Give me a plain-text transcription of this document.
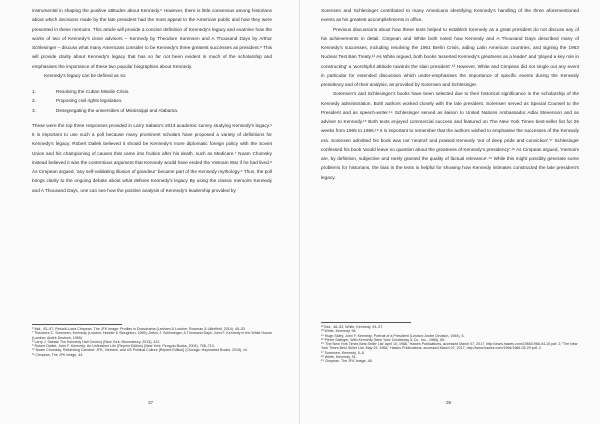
instrumental in shaping the positive attitudes about Kennedy.⁶ However, there is little consensus among historians about which decisions made by the late president had the most appeal to the American public and how they were presented in these memoirs. This article will provide a concise definition of Kennedy's legacy and examine how the works of two of Kennedy's close advisors – Kennedy by Theodore Sorensen and A Thousand Days by Arthur Schlesinger – discuss what many Americans consider to be Kennedy's three greatest successes as president.⁸ This will provide clarity about Kennedy's legacy that has so far not been evident in much of the scholarship and emphasises the importance of these two popular biographies about Kennedy.

Kennedy's legacy can be defined as so:

1.	Resolving the Cuban Missile Crisis.
2.	Proposing civil rights legislation.
3.	Desegregating the universities of Mississippi and Alabama.

These were the top three responses provided in Larry Sabato's 2013 academic survey studying Kennedy's legacy.⁹ It is important to use such a poll because many prominent scholars have proposed a variety of definitions for Kennedy's legacy. Robert Dallek believed it should be Kennedy's more diplomatic foreign policy with the Soviet Union and his championing of causes that came into fruition after his death, such as Medicare.⁷ Noam Chomsky instead believed it was the contentious argument that Kennedy would have ended the Vietnam War if he had lived.⁸ As Cimpean argued, 'any self-validating illusion of grandeur' became part of the Kennedy mythology.⁹ Thus, the poll brings clarity to the ongoing debate about what defines Kennedy's legacy By using the classic memoirs Kennedy and A Thousand Days, one can see how the positive analysis of Kennedy's leadership provided by

⁶ Ibid., 93–97; Relucă-Lucia Cimpean, The JFK Image: Profiles in Docudrama (Lanham & London: Rowman & Littlefield, 2014), 49–53.
⁷ Theodore C. Sorensen, Kennedy (London: Hodder & Stoughton, 1965); Arthur J. Schlesinger, A Thousand Days: John F. Kennedy in the White House (London: André Deutsch, 1965).
⁸ Larry J. Sabato The Kennedy Half Century (New York: Bloomsbury, 2013), 412.
⁹ Robert Dallek, John F. Kennedy: An Unfinished Life (Reprint Edition) (New York: Penguin Books, 2004), 708–710.
¹⁰ Noam Chomsky, Rethinking Camelot: JFK, Vietnam, and US Political Culture [Reprint Edition] (Chicago: Haymarket Books, 2015), vii.
¹¹ Cimpean, The JFK Image, 43.
37

Sorensen and Schlesinger contributed to many Americans identifying Kennedy's handling of the three aforementioned events as his greatest accomplishments in office.

Previous discussions about how these texts helped to establish Kennedy as a great president do not discuss any of his achievements in detail. Cimpean and White both noted how Kennedy and A Thousand Days described many of Kennedy's successes, including resolving the 1961 Berlin Crisis, aiding Latin American countries, and signing the 1963 Nuclear Test Ban Treaty.¹² As White argued, both books 'asserted Kennedy's greatness as a leader' and 'played a key role in constructing' a 'worshipful attitude towards the slain president'.¹³ However, White and Cimpean did not single out any event in particular for extended discussion which under-emphasises the importance of specific events during the Kennedy presidency and of their analysis, as provided by Sorensen and Schlesinger.

Sorensen's and Schlesinger's books have been selected due to their historical significance in the scholarship of the Kennedy administration. Both authors worked closely with the late president. Sorensen served as Special Counsel to the President and as speech-writer.¹⁴ Schlesinger served as liaison to United Nations Ambassador Adlai Stevenson and as adviser to Kennedy.¹⁵ Both texts enjoyed commercial success and featured on The New York Times best-seller list for 26 weeks from 1965 to 1966.¹⁶ It is important to remember that the authors wished to emphasise the successes of the Kennedy era. Sorensen admitted his book was not 'neutral' and praised Kennedy 'out of deep pride and conviction'.¹⁷ Schlesinger confessed his book 'would leave no question about the greatness of Kennedy's presidency'.¹⁸ As Cimpean argued, 'memoirs are, by definition, subjective and rarely granted the quality of factual relevance'.¹⁹ While this might possibly generate some problems for historians, the bias in the texts is helpful for showing how Kennedy intimates constructed the late president's legacy.

¹² Ibid., 48–53; White, Kennedy, 93–97.
¹³ White, Kennedy, 96.
¹⁴ Hugh Sidey, John F. Kennedy: Portrait of a President (London: Andre Deutsch, 1964), 5.
¹⁵ Pierre Salinger, With Kennedy (New York: Doubleday & Co., Inc., 1966), 69.
¹⁶ 'The New York Times Best Seller List' April 10, 1966,' Hawes Publications, accessed March 07, 2017, http://www.hawes.com/1966/1966-04-10.pdf; 2; 'The New York Times Best Seller List: May 29, 1966,' Hawes Publications, accessed March 07, 2017, http://www.hawes.com/1966/1966-05-29.pdf; 2.
¹⁷ Sorensen, Kennedy, 5–6.
¹⁸ White, Kennedy, 91.
¹⁹ Cimpean, The JFK Image, 48.
38
